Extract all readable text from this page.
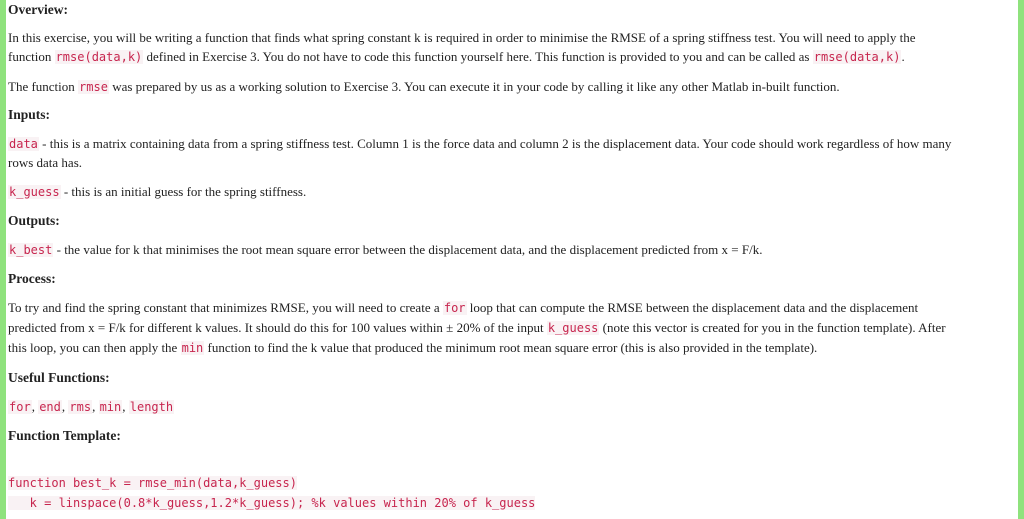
Overview:
In this exercise, you will be writing a function that finds what spring constant k is required in order to minimise the RMSE of a spring stiffness test. You will need to apply the
function rmse(data,k) defined in Exercise 3. You do not have to code this function yourself here. This function is provided to you and can be called as rmse(data,k).
The function rmse was prepared by us as a working solution to Exercise 3. You can execute it in your code by calling it like any other Matlab in-built function.
Inputs:
data - this is a matrix containing data from a spring stiffness test. Column 1 is the force data and column 2 is the displacement data. Your code should work regardless of how many
rows data has.
k_guess - this is an initial guess for the spring stiffness.
Outputs:
k_best - the value for k that minimises the root mean square error between the displacement data, and the displacement predicted from x = F/k.
Process:
To try and find the spring constant that minimizes RMSE, you will need to create a for loop that can compute the RMSE between the displacement data and the displacement
predicted from x = F/k for different k values. It should do this for 100 values within ± 20% of the input k_guess (note this vector is created for you in the function template). After
this loop, you can then apply the min function to find the k value that produced the minimum root mean square error (this is also provided in the template).
Useful Functions:
for, end, rms, min, length
Function Template:
function best_k = rmse_min(data,k_guess)
k = linspace(0.8*k_guess,1.2*k_guess); %k values within 20% of k_guess
